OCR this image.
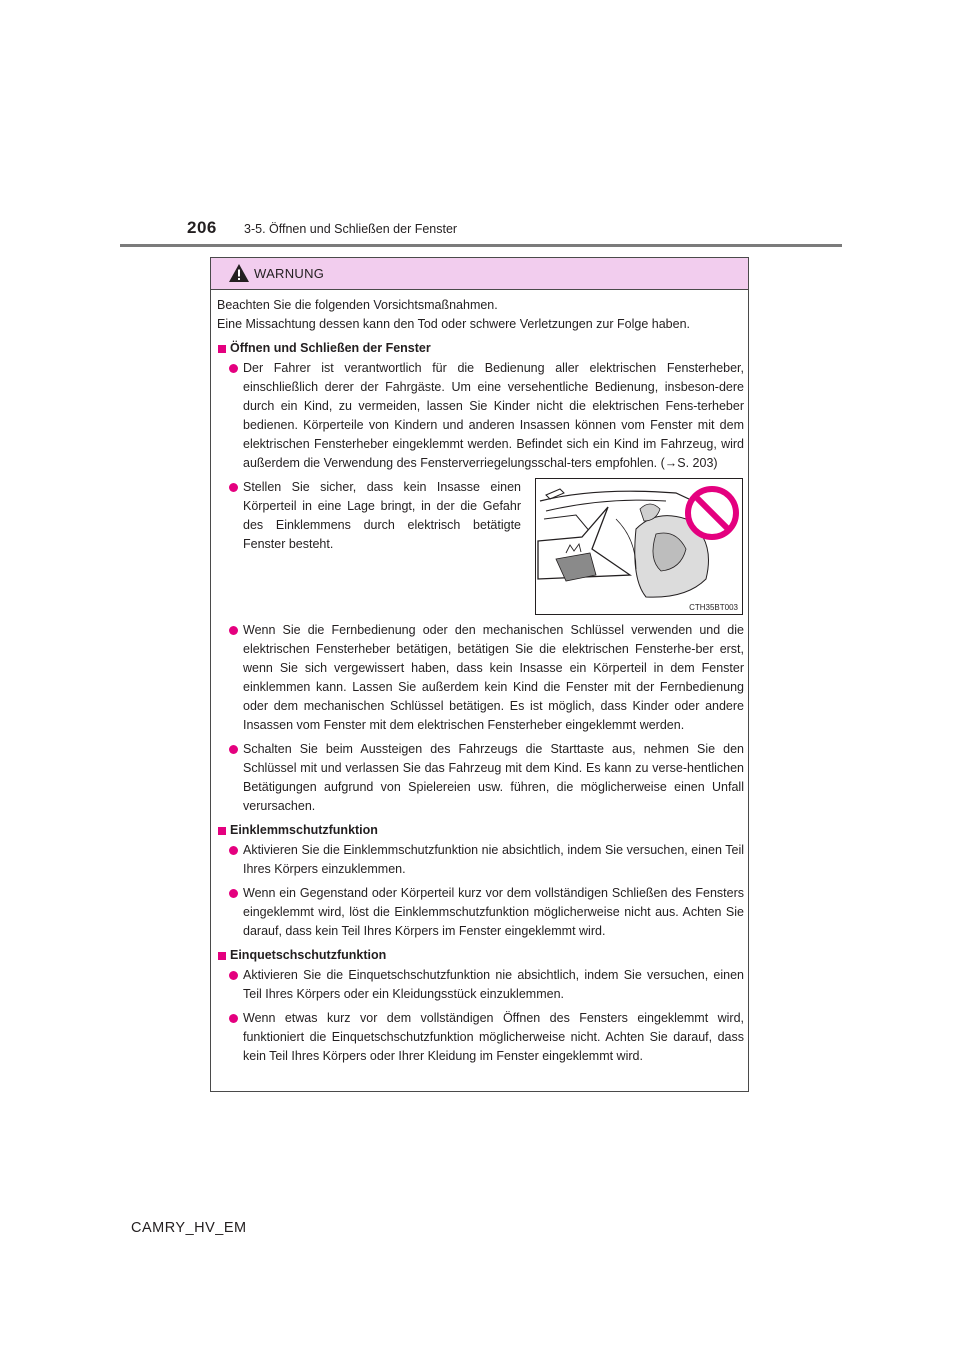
206 3-5. Öffnen und Schließen der Fenster
WARNUNG

Beachten Sie die folgenden Vorsichtsmaßnahmen.
Eine Missachtung dessen kann den Tod oder schwere Verletzungen zur Folge haben.

Öffnen und Schließen der Fenster
Der Fahrer ist verantwortlich für die Bedienung aller elektrischen Fensterheber, einschließlich derer der Fahrgäste. Um eine versehentliche Bedienung, insbeson-dere durch ein Kind, zu vermeiden, lassen Sie Kinder nicht die elektrischen Fens-terheber bedienen. Körperteile von Kindern und anderen Insassen können vom Fenster mit dem elektrischen Fensterheber eingeklemmt werden. Befindet sich ein Kind im Fahrzeug, wird außerdem die Verwendung des Fensterverriegelungsschal-ters empfohlen. (→S. 203)
Stellen Sie sicher, dass kein Insasse einen Körperteil in eine Lage bringt, in der die Gefahr des Einklemmens durch elektrisch betätigte Fenster besteht.
CTH35BT003
Wenn Sie die Fernbedienung oder den mechanischen Schlüssel verwenden und die elektrischen Fensterheber betätigen, betätigen Sie die elektrischen Fensterhe-ber erst, wenn Sie sich vergewissert haben, dass kein Insasse ein Körperteil in dem Fenster einklemmen kann. Lassen Sie außerdem kein Kind die Fenster mit der Fernbedienung oder dem mechanischen Schlüssel betätigen. Es ist möglich, dass Kinder oder andere Insassen vom Fenster mit dem elektrischen Fensterheber eingeklemmt werden.
Schalten Sie beim Aussteigen des Fahrzeugs die Starttaste aus, nehmen Sie den Schlüssel mit und verlassen Sie das Fahrzeug mit dem Kind. Es kann zu verse-hentlichen Betätigungen aufgrund von Spielereien usw. führen, die möglicherweise einen Unfall verursachen.
Einklemmschutzfunktion
Aktivieren Sie die Einklemmschutzfunktion nie absichtlich, indem Sie versuchen, einen Teil Ihres Körpers einzuklemmen.
Wenn ein Gegenstand oder Körperteil kurz vor dem vollständigen Schließen des Fensters eingeklemmt wird, löst die Einklemmschutzfunktion möglicherweise nicht aus. Achten Sie darauf, dass kein Teil Ihres Körpers im Fenster eingeklemmt wird.
Einquetschschutzfunktion
Aktivieren Sie die Einquetschschutzfunktion nie absichtlich, indem Sie versuchen, einen Teil Ihres Körpers oder ein Kleidungsstück einzuklemmen.
Wenn etwas kurz vor dem vollständigen Öffnen des Fensters eingeklemmt wird, funktioniert die Einquetschschutzfunktion möglicherweise nicht. Achten Sie darauf, dass kein Teil Ihres Körpers oder Ihrer Kleidung im Fenster eingeklemmt wird.
CAMRY_HV_EM
